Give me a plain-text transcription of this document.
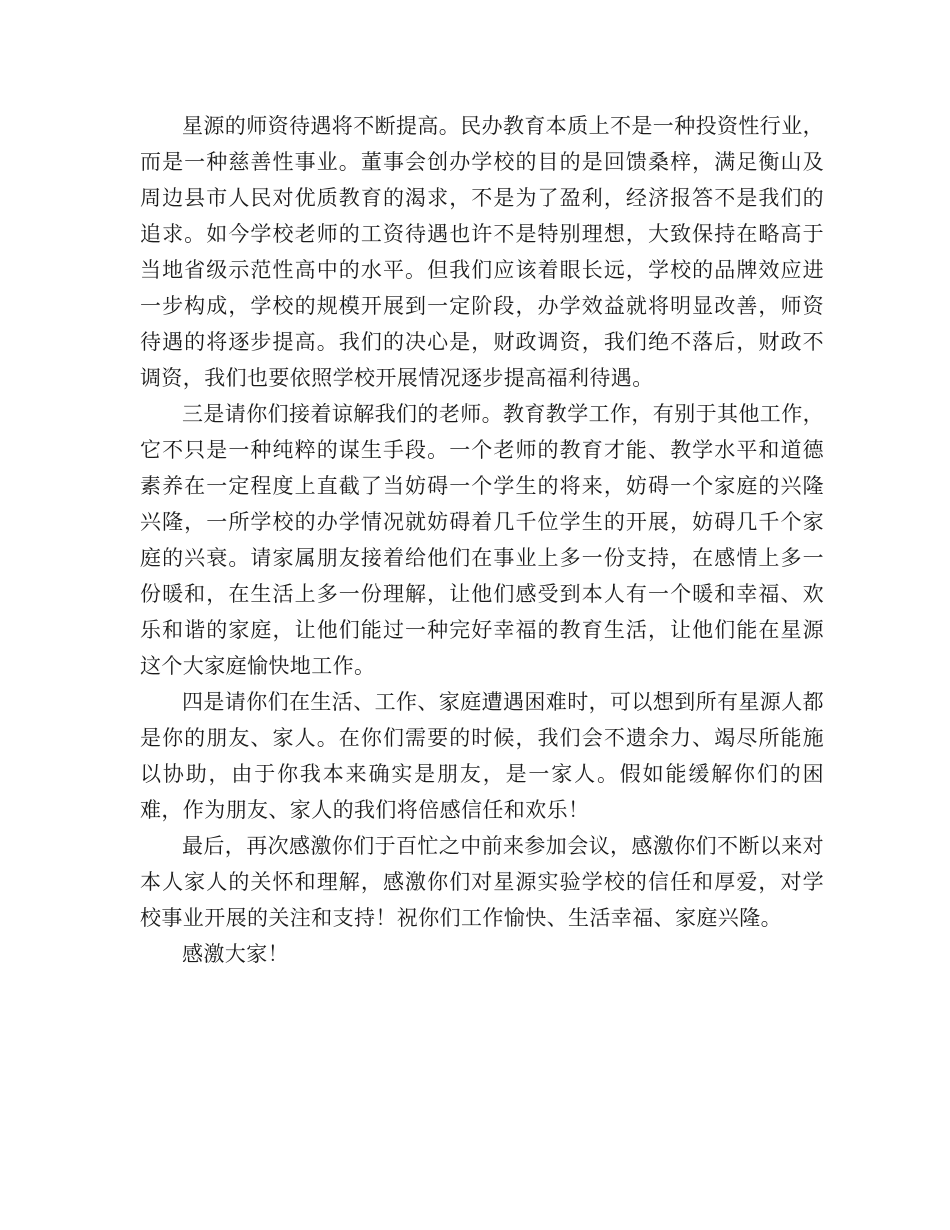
星源的师资待遇将不断提高。民办教育本质上不是一种投资性行业，而是一种慈善性事业。董事会创办学校的目的是回馈桑梓，满足衡山及周边县市人民对优质教育的渴求，不是为了盈利，经济报答不是我们的追求。如今学校老师的工资待遇也许不是特别理想，大致保持在略高于当地省级示范性高中的水平。但我们应该着眼长远，学校的品牌效应进一步构成，学校的规模开展到一定阶段，办学效益就将明显改善，师资待遇的将逐步提高。我们的决心是，财政调资，我们绝不落后，财政不调资，我们也要依照学校开展情况逐步提高福利待遇。

三是请你们接着谅解我们的老师。教育教学工作，有别于其他工作，它不只是一种纯粹的谋生手段。一个老师的教育才能、教学水平和道德素养在一定程度上直截了当妨碍一个学生的将来，妨碍一个家庭的兴隆兴隆，一所学校的办学情况就妨碍着几千位学生的开展，妨碍几千个家庭的兴衰。请家属朋友接着给他们在事业上多一份支持，在感情上多一份暖和，在生活上多一份理解，让他们感受到本人有一个暖和幸福、欢乐和谐的家庭，让他们能过一种完好幸福的教育生活，让他们能在星源这个大家庭愉快地工作。

四是请你们在生活、工作、家庭遭遇困难时，可以想到所有星源人都是你的朋友、家人。在你们需要的时候，我们会不遗余力、竭尽所能施以协助，由于你我本来确实是朋友，是一家人。假如能缓解你们的困难，作为朋友、家人的我们将倍感信任和欢乐！

最后，再次感激你们于百忙之中前来参加会议，感激你们不断以来对本人家人的关怀和理解，感激你们对星源实验学校的信任和厚爱，对学校事业开展的关注和支持！祝你们工作愉快、生活幸福、家庭兴隆。

感激大家！
